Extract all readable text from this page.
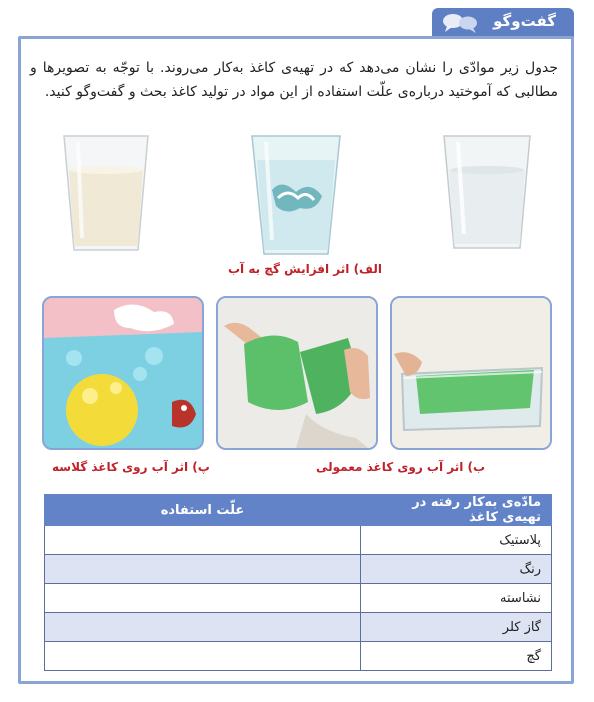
گفت‌وگو
جدول زیر موادّی را نشان می‌دهد که در تهیه‌ی کاغذ به‌کار می‌روند. با توجّه به تصویرها و مطالبی که آموختید درباره‌ی علّت استفاده از این مواد در تولید کاغذ بحث و گفت‌وگو کنید.
الف) اثر افزایش گچ به آب
پ) اثر آب روی کاغذ گلاسه	ب) اثر آب روی کاغذ معمولی
مادّه‌ی به‌کار رفته در تهیه‌ی کاغذ	علّت استفاده
پلاستیک	
رنگ	
نشاسته	
گاز کلر	
گچ	
